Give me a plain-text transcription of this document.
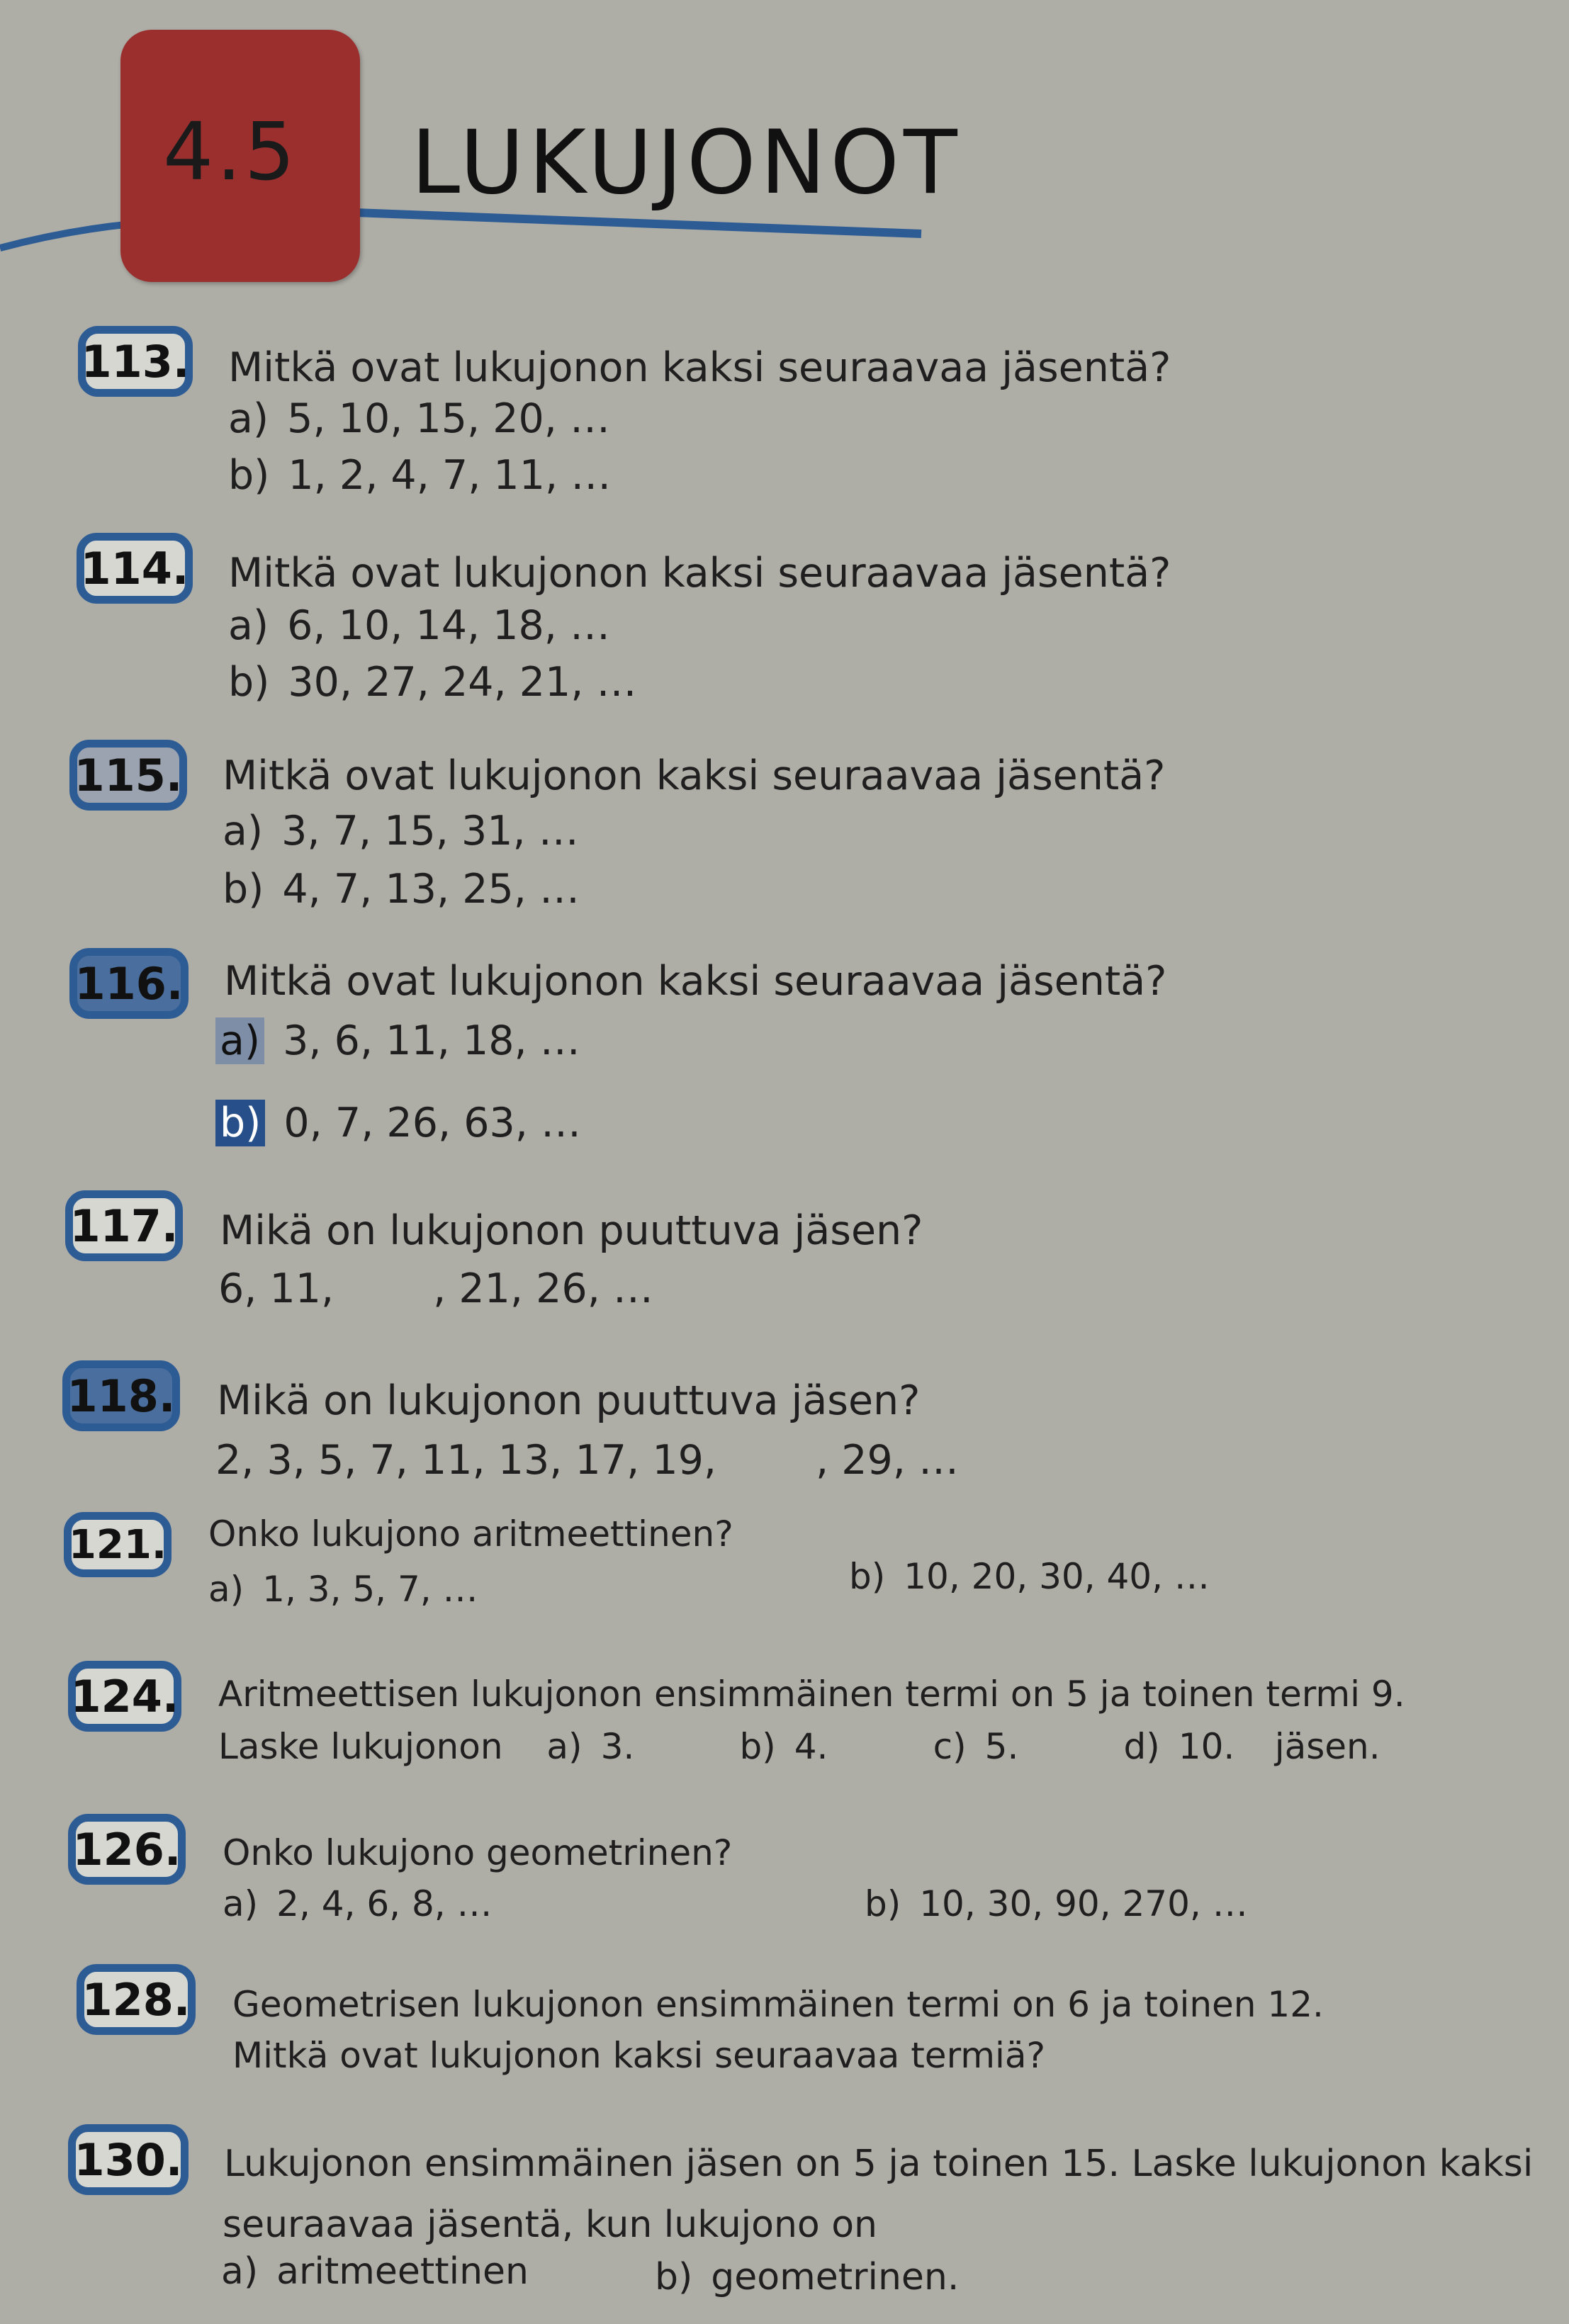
4.5 LUKUJONOT
113. Mitkä ovat lukujonon kaksi seuraavaa jäsentä?
a) 5, 10, 15, 20, …
b) 1, 2, 4, 7, 11, …
114. Mitkä ovat lukujonon kaksi seuraavaa jäsentä?
a) 6, 10, 14, 18, …
b) 30, 27, 24, 21, …
115. Mitkä ovat lukujonon kaksi seuraavaa jäsentä?
a) 3, 7, 15, 31, …
b) 4, 7, 13, 25, …
116. Mitkä ovat lukujonon kaksi seuraavaa jäsentä?
a) 3, 6, 11, 18, …
b) 0, 7, 26, 63, …
117. Mikä on lukujonon puuttuva jäsen?
6, 11, , 21, 26, …
118. Mikä on lukujonon puuttuva jäsen?
2, 3, 5, 7, 11, 13, 17, 19, , 29, …
121. Onko lukujono aritmeettinen?
a) 1, 3, 5, 7, …	b) 10, 20, 30, 40, …
124. Aritmeettisen lukujonon ensimmäinen termi on 5 ja toinen termi 9.
Laske lukujonon a) 3.	b) 4.	c) 5.	d) 10. jäsen.
126. Onko lukujono geometrinen?
a) 2, 4, 6, 8, …	b) 10, 30, 90, 270, …
128. Geometrisen lukujonon ensimmäinen termi on 6 ja toinen 12.
Mitkä ovat lukujonon kaksi seuraavaa termiä?
130. Lukujonon ensimmäinen jäsen on 5 ja toinen 15. Laske lukujonon kaksi
seuraavaa jäsentä, kun lukujono on
a) aritmeettinen	b) geometrinen.
